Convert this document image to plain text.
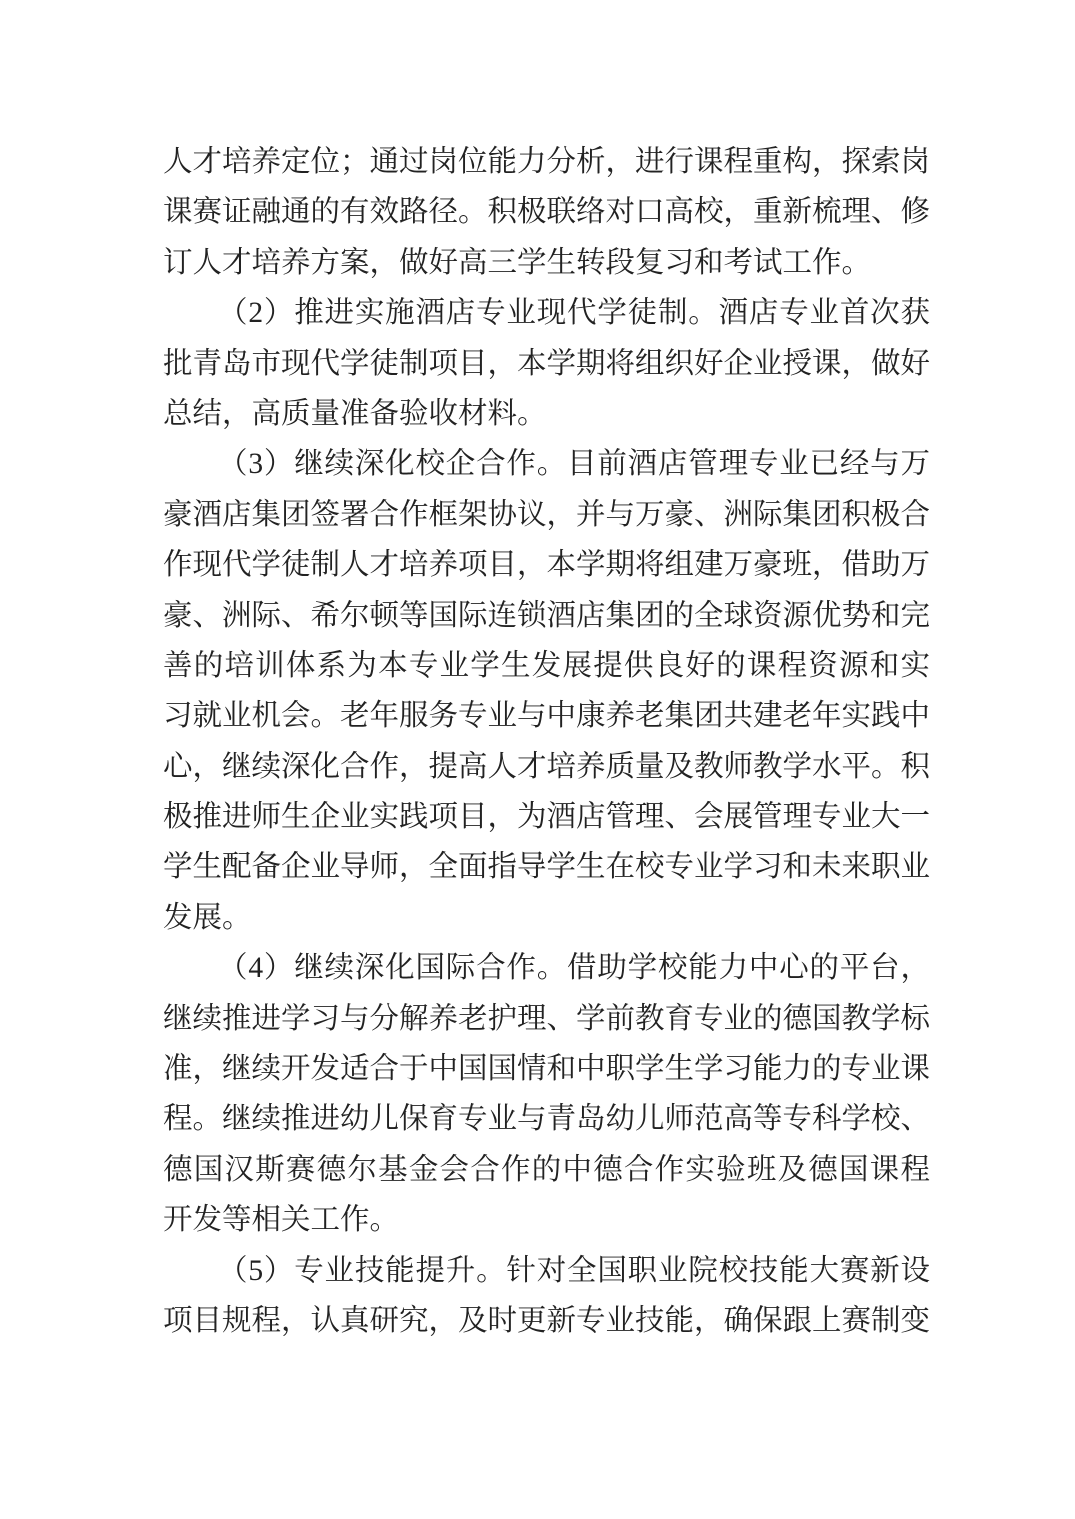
人才培养定位；通过岗位能力分析，进行课程重构，探索岗
课赛证融通的有效路径。积极联络对口高校，重新梳理、修
订人才培养方案，做好高三学生转段复习和考试工作。
（2）推进实施酒店专业现代学徒制。酒店专业首次获
批青岛市现代学徒制项目，本学期将组织好企业授课，做好
总结，高质量准备验收材料。
（3）继续深化校企合作。目前酒店管理专业已经与万
豪酒店集团签署合作框架协议，并与万豪、洲际集团积极合
作现代学徒制人才培养项目，本学期将组建万豪班，借助万
豪、洲际、希尔顿等国际连锁酒店集团的全球资源优势和完
善的培训体系为本专业学生发展提供良好的课程资源和实
习就业机会。老年服务专业与中康养老集团共建老年实践中
心，继续深化合作，提高人才培养质量及教师教学水平。积
极推进师生企业实践项目，为酒店管理、会展管理专业大一
学生配备企业导师，全面指导学生在校专业学习和未来职业
发展。
（4）继续深化国际合作。借助学校能力中心的平台，
继续推进学习与分解养老护理、学前教育专业的德国教学标
准，继续开发适合于中国国情和中职学生学习能力的专业课
程。继续推进幼儿保育专业与青岛幼儿师范高等专科学校、
德国汉斯赛德尔基金会合作的中德合作实验班及德国课程
开发等相关工作。
（5）专业技能提升。针对全国职业院校技能大赛新设
项目规程，认真研究，及时更新专业技能，确保跟上赛制变
